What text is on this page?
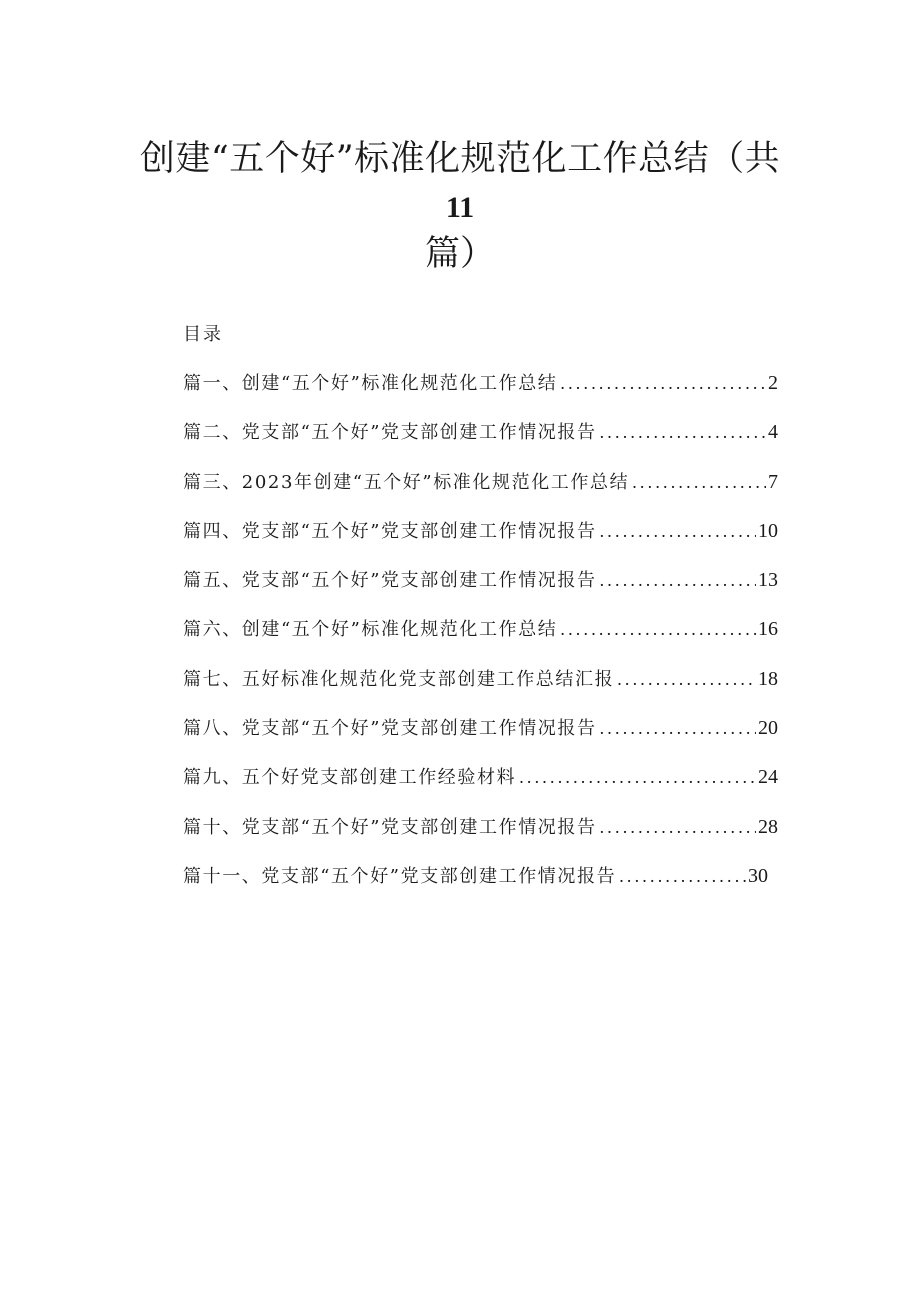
创建“五个好”标准化规范化工作总结（共
11
篇）
目录
篇一、创建“五个好”标准化规范化工作总结 .....	2
篇二、党支部“五个好”党支部创建工作情况报告 .....	4
篇三、2023年创建“五个好”标准化规范化工作总结 .....	7
篇四、党支部“五个好”党支部创建工作情况报告 .....	10
篇五、党支部“五个好”党支部创建工作情况报告 .....	13
篇六、创建“五个好”标准化规范化工作总结 .....	16
篇七、五好标准化规范化党支部创建工作总结汇报 .....	18
篇八、党支部“五个好”党支部创建工作情况报告 .....	20
篇九、五个好党支部创建工作经验材料 .....	24
篇十、党支部“五个好”党支部创建工作情况报告 .....	28
篇十一、党支部“五个好”党支部创建工作情况报告 .....	30
